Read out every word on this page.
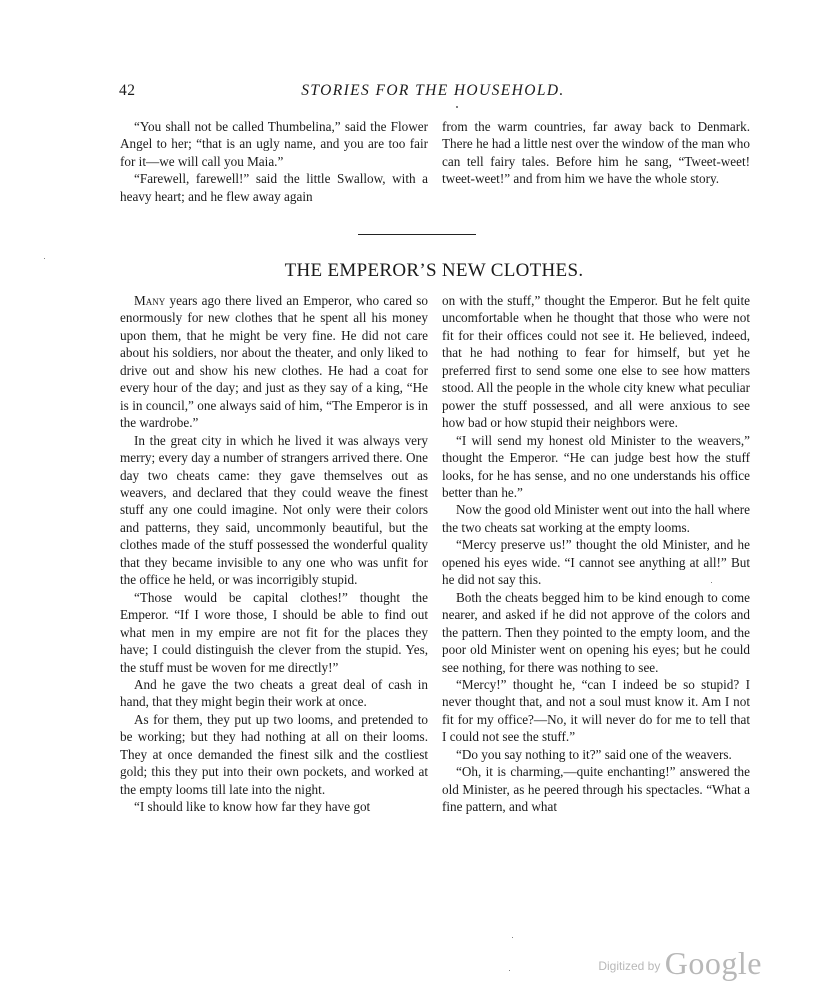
42	STORIES FOR THE HOUSEHOLD.

“You shall not be called Thumbelina,” said the Flower Angel to her; “that is an ugly name, and you are too fair for it—we will call you Maia.”

“Farewell, farewell!” said the little Swallow, with a heavy heart; and he flew away again

from the warm countries, far away back to Denmark. There he had a little nest over the window of the man who can tell fairy tales. Before him he sang, “Tweet-weet! tweet-weet!” and from him we have the whole story.

THE EMPEROR’S NEW CLOTHES.

Many years ago there lived an Emperor, who cared so enormously for new clothes that he spent all his money upon them, that he might be very fine. He did not care about his soldiers, nor about the theater, and only liked to drive out and show his new clothes. He had a coat for every hour of the day; and just as they say of a king, “He is in council,” one always said of him, “The Emperor is in the wardrobe.”

In the great city in which he lived it was always very merry; every day a number of strangers arrived there. One day two cheats came: they gave themselves out as weavers, and declared that they could weave the finest stuff any one could imagine. Not only were their colors and patterns, they said, uncommonly beautiful, but the clothes made of the stuff possessed the wonderful quality that they became invisible to any one who was unfit for the office he held, or was incorrigibly stupid.

“Those would be capital clothes!” thought the Emperor. “If I wore those, I should be able to find out what men in my empire are not fit for the places they have; I could distinguish the clever from the stupid. Yes, the stuff must be woven for me directly!”

And he gave the two cheats a great deal of cash in hand, that they might begin their work at once.

As for them, they put up two looms, and pretended to be working; but they had nothing at all on their looms. They at once demanded the finest silk and the costliest gold; this they put into their own pockets, and worked at the empty looms till late into the night.

“I should like to know how far they have got

on with the stuff,” thought the Emperor. But he felt quite uncomfortable when he thought that those who were not fit for their offices could not see it. He believed, indeed, that he had nothing to fear for himself, but yet he preferred first to send some one else to see how matters stood. All the people in the whole city knew what peculiar power the stuff possessed, and all were anxious to see how bad or how stupid their neighbors were.

“I will send my honest old Minister to the weavers,” thought the Emperor. “He can judge best how the stuff looks, for he has sense, and no one understands his office better than he.”

Now the good old Minister went out into the hall where the two cheats sat working at the empty looms.

“Mercy preserve us!” thought the old Minister, and he opened his eyes wide. “I cannot see anything at all!” But he did not say this.

Both the cheats begged him to be kind enough to come nearer, and asked if he did not approve of the colors and the pattern. Then they pointed to the empty loom, and the poor old Minister went on opening his eyes; but he could see nothing, for there was nothing to see.

“Mercy!” thought he, “can I indeed be so stupid? I never thought that, and not a soul must know it. Am I not fit for my office?—No, it will never do for me to tell that I could not see the stuff.”

“Do you say nothing to it?” said one of the weavers.

“Oh, it is charming,—quite enchanting!” answered the old Minister, as he peered through his spectacles. “What a fine pattern, and what

$^{Digitized by}$ Google
